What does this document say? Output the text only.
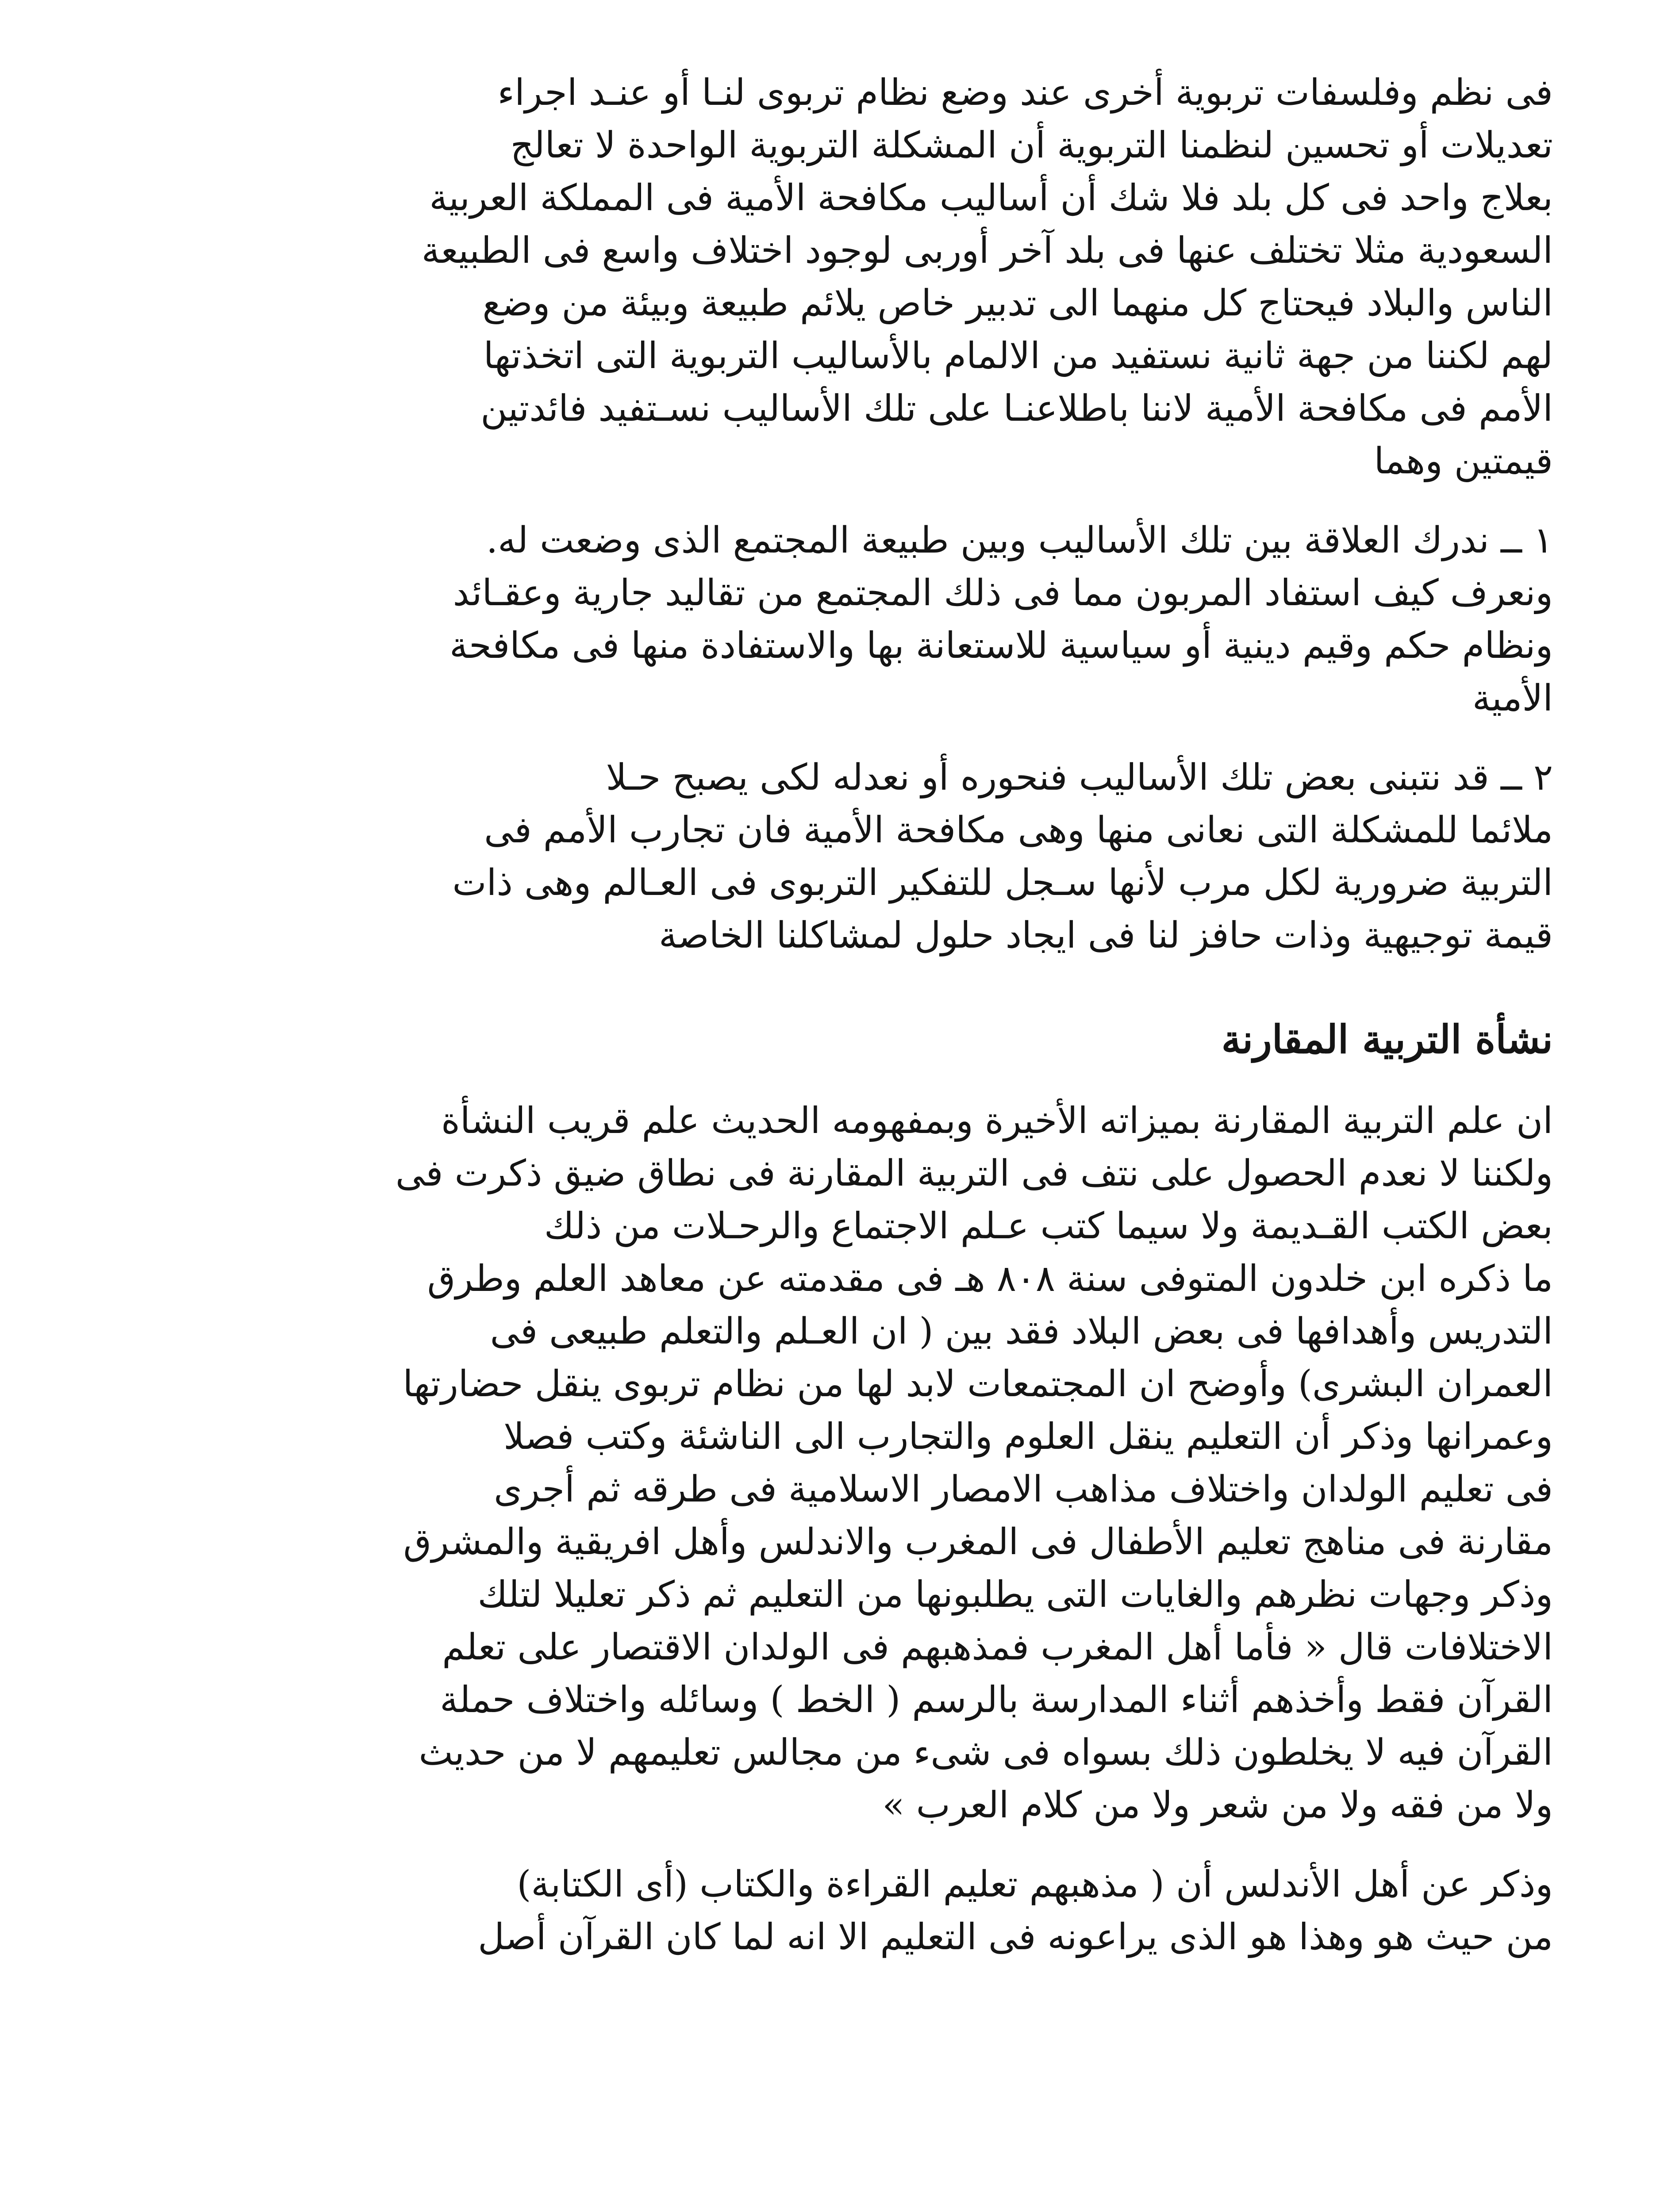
فى نظم وفلسفات تربوية أخرى عند وضع نظام تربوى لنـا أو عنـد اجراء
تعديلات أو تحسين لنظمنا التربوية أن المشكلة التربوية الواحدة لا تعالج
بعلاج واحد فى كل بلد فلا شك أن أساليب مكافحة الأمية فى المملكة العربية
السعودية مثلا تختلف عنها فى بلد آخر أوربى لوجود اختلاف واسع فى الطبيعة
الناس والبلاد فيحتاج كل منهما الى تدبير خاص يلائم طبيعة وبيئة من وضع
لهم لكننا من جهة ثانية نستفيد من الالمام بالأساليب التربوية التى اتخذتها
الأمم فى مكافحة الأمية لاننا باطلاعنـا على تلك الأساليب نسـتفيد فائدتين
قيمتين وهما
١ ــ ندرك العلاقة بين تلك الأساليب وبين طبيعة المجتمع الذى وضعت له.
ونعرف كيف استفاد المربون مما فى ذلك المجتمع من تقاليد جارية وعقـائد
ونظام حكم وقيم دينية أو سياسية للاستعانة بها والاستفادة منها فى مكافحة
الأمية
٢ ــ قد نتبنى بعض تلك الأساليب فنحوره أو نعدله لكى يصبح حـلا
ملائما للمشكلة التى نعانى منها وهى مكافحة الأمية فان تجارب الأمم فى
التربية ضرورية لكل مرب لأنها سـجل للتفكير التربوى فى العـالم وهى ذات
قيمة توجيهية وذات حافز لنا فى ايجاد حلول لمشاكلنا الخاصة
نشأة التربية المقارنة
ان علم التربية المقارنة بميزاته الأخيرة وبمفهومه الحديث علم قريب النشأة
ولكننا لا نعدم الحصول على نتف فى التربية المقارنة فى نطاق ضيق ذكرت فى
بعض الكتب القـديمة ولا سيما كتب عـلم الاجتماع والرحـلات من ذلك
ما ذكره ابن خلدون المتوفى سنة ٨٠٨ هـ فى مقدمته عن معاهد العلم وطرق
التدريس وأهدافها فى بعض البلاد فقد بين ( ان العـلم والتعلم طبيعى فى
العمران البشرى) وأوضح ان المجتمعات لابد لها من نظام تربوى ينقل حضارتها
وعمرانها وذكر أن التعليم ينقل العلوم والتجارب الى الناشئة وكتب فصلا
فى تعليم الولدان واختلاف مذاهب الامصار الاسلامية فى طرقه ثم أجرى
مقارنة فى مناهج تعليم الأطفال فى المغرب والاندلس وأهل افريقية والمشرق
وذكر وجهات نظرهم والغايات التى يطلبونها من التعليم ثم ذكر تعليلا لتلك
الاختلافات قال « فأما أهل المغرب فمذهبهم فى الولدان الاقتصار على تعلم
القرآن فقط وأخذهم أثناء المدارسة بالرسم ( الخط ) وسائله واختلاف حملة
القرآن فيه لا يخلطون ذلك بسواه فى شىء من مجالس تعليمهم لا من حديث
ولا من فقه ولا من شعر ولا من كلام العرب »
وذكر عن أهل الأندلس أن ( مذهبهم تعليم القراءة والكتاب (أى الكتابة)
من حيث هو وهذا هو الذى يراعونه فى التعليم الا انه لما كان القرآن أصل
